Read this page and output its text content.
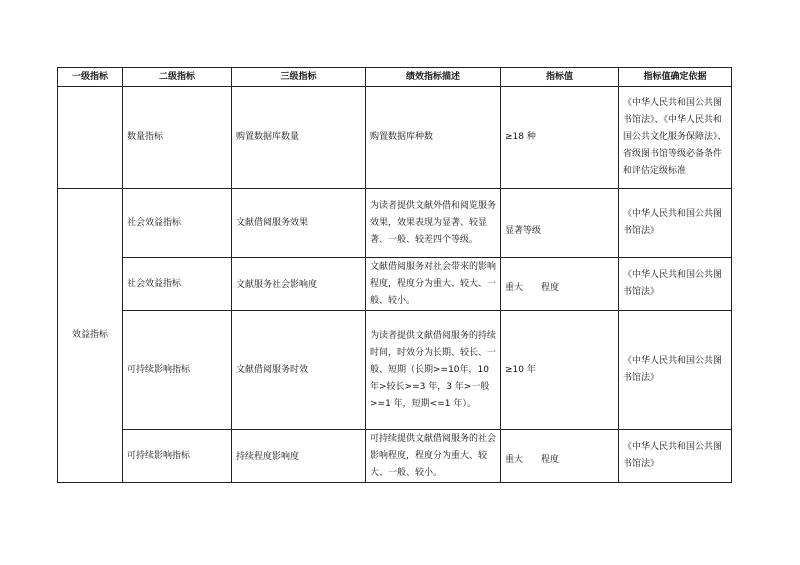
一级指标	二级指标	三级指标	绩效指标描述	指标值	指标值确定依据
	数量指标	购置数据库数量	购置数据库种数	≥18 种	《中华人民共和国公共图书馆法》、《中华人民共和国公共文化服务保障法》、省级图书馆等级必备条件和评估定级标准
效益指标	社会效益指标	文献借阅服务效果	为读者提供文献外借和阅览服务效果，效果表现为显著、较显著、一般、较差四个等级。	显著等级	《中华人民共和国公共图书馆法》
	社会效益指标	文献服务社会影响度	文献借阅服务对社会带来的影响程度，程度分为重大、较大、一般、较小。	重大 程度	《中华人民共和国公共图书馆法》
	可持续影响指标	文献借阅服务时效	为读者提供文献借阅服务的持续时间，时效分为长期、较长、一般、短期（长期>=10年，10 年>较长>=3 年，3 年>一般>=1 年，短期<=1 年）。	≥10 年	《中华人民共和国公共图书馆法》
	可持续影响指标	持续程度影响度	可持续提供文献借阅服务的社会影响程度，程度分为重大、较大、一般、较小。	重大 程度	《中华人民共和国公共图书馆法》
